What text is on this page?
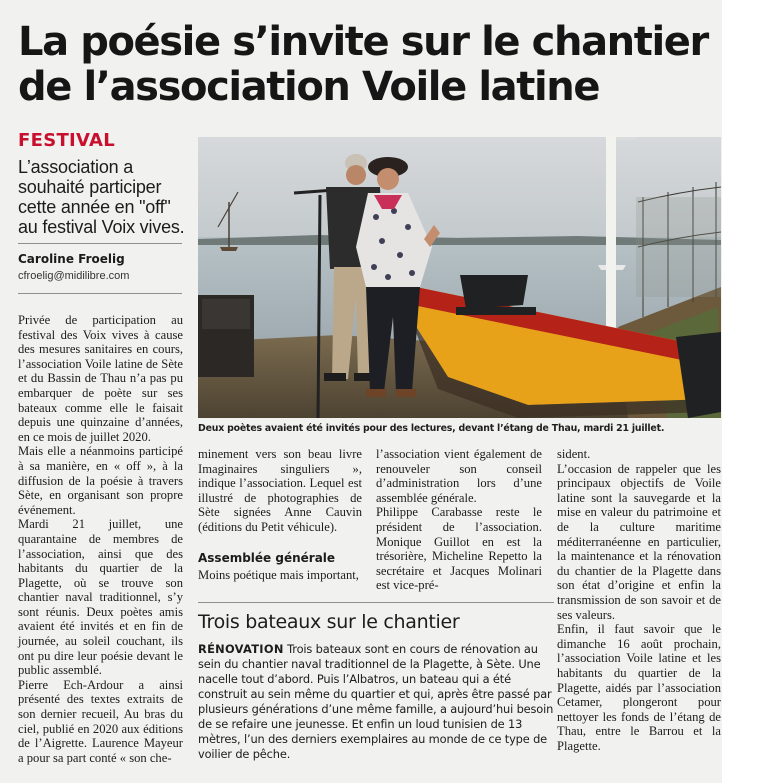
La poésie s’invite sur le chantier
de l’association Voile latine
FESTIVAL
L’association a souhaité participer cette année en "off" au festival Voix vives.
Caroline Froelig
cfroelig@midilibre.com

Privée de participation au festival des Voix vives à cause des mesures sanitaires en cours, l’association Voile latine de Sète et du Bassin de Thau n’a pas pu embarquer de poète sur ses bateaux comme elle le faisait depuis une quinzaine d’années, en ce mois de juillet 2020.

Mais elle a néanmoins participé à sa manière, en « off », à la diffusion de la poésie à travers Sète, en organisant son propre événement.

Mardi 21 juillet, une quarantaine de membres de l’association, ainsi que des habitants du quartier de la Plagette, où se trouve son chantier naval traditionnel, s’y sont réunis. Deux poètes amis avaient été invités et en fin de journée, au soleil couchant, ils ont pu dire leur poésie devant le public assemblé.

Pierre Ech-Ardour a ainsi présenté des textes extraits de son dernier recueil, Au bras du ciel, publié en 2020 aux éditions de l’Aigrette. Laurence Mayeur a pour sa part conté « son che-

Deux poètes avaient été invités pour des lectures, devant l’étang de Thau, mardi 21 juillet.

minement vers son beau livre Imaginaires singuliers », indique l’association. Lequel est illustré de photographies de Sète signées Anne Cauvin (éditions du Petit véhicule).

Assemblée générale

Moins poétique mais important,

l’association vient également de renouveler son conseil d’administration lors d’une assemblée générale.

Philippe Carabasse reste le président de l’association. Monique Guillot en est la trésorière, Micheline Repetto la secrétaire et Jacques Molinari est vice-pré-

sident.

L’occasion de rappeler que les principaux objectifs de Voile latine sont la sauvegarde et la mise en valeur du patrimoine et de la culture maritime méditerranéenne en particulier, la maintenance et la rénovation du chantier de la Plagette dans son état d’origine et enfin la transmission de son savoir et de ses valeurs.

Enfin, il faut savoir que le dimanche 16 août prochain, l’association Voile latine et les habitants du quartier de la Plagette, aidés par l’association Cetamer, plongeront pour nettoyer les fonds de l’étang de Thau, entre le Barrou et la Plagette.

Trois bateaux sur le chantier

RÉNOVATION Trois bateaux sont en cours de rénovation au sein du chantier naval traditionnel de la Plagette, à Sète. Une nacelle tout d’abord. Puis l’Albatros, un bateau qui a été construit au sein même du quartier et qui, après être passé par plusieurs générations d’une même famille, a aujourd’hui besoin de se refaire une jeunesse. Et enfin un loud tunisien de 13 mètres, l’un des derniers exemplaires au monde de ce type de voilier de pêche.
